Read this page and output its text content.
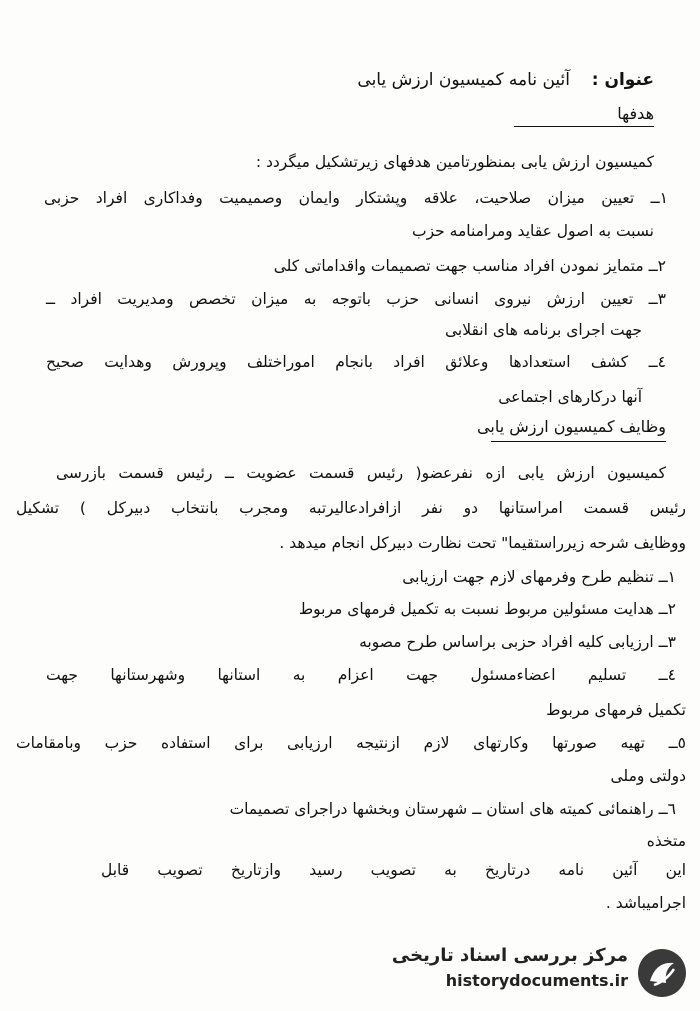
عنوان :
آئین نامه کمیسیون ارزش یابی
هدفها
کمیسیون ارزش یابی بمنظورتامین هدفهای زیرتشکیل میگردد :
١ــ تعیین میزان صلاحیت، علاقه وپشتکار وایمان وصمیمیت وفداکاری افراد حزبی
نسبت به اصول عقاید ومرامنامه حزب
٢ــ متمایز نمودن افراد مناسب جهت تصمیمات واقداماتی کلی
٣ــ تعیین ارزش نیروی انسانی حزب باتوجه به میزان تخصص ومدیریت افراد ــ
جهت اجرای برنامه های انقلابی
٤ــ کشف استعدادها وعلائق افراد بانجام اموراختلف وپرورش وهدایت صحیح
آنها درکارهای اجتماعی
وظایف کمیسیون ارزش یابی
کمیسیون ارزش یابی ازه نفرعضو( رئیس قسمت عضویت ــ رئیس قسمت بازرسی
رئیس قسمت امراستانها دو نفر ازافرادعالیرتبه ومجرب بانتخاب دبیرکل ) تشکیل
ووظایف شرحه زیرراستقیما" تحت نظارت دبیرکل انجام میدهد .
١ــ تنظیم طرح وفرمهای لازم جهت ارزیابی
٢ــ هدایت مسئولین مربوط نسبت به تکمیل فرمهای مربوط
٣ــ ارزیابی کلیه افراد حزبی براساس طرح مصوبه
٤ــ تسلیم اعضاءمسئول جهت اعزام به استانها وشهرستانها جهت
تکمیل فرمهای مربوط
٥ــ تهیه صورتها وکارتهای لازم ازنتیجه ارزیابی برای استفاده حزب وبامقامات
دولتی وملی
٦ــ راهنمائی کمیته های استان ــ شهرستان وبخشها دراجرای تصمیمات
متخذه
این آئین نامه درتاریخ به تصویب رسید وازتاریخ تصویب قابل
اجرامیباشد .
مرکز بررسی اسناد تاریخی
historydocuments.ir
